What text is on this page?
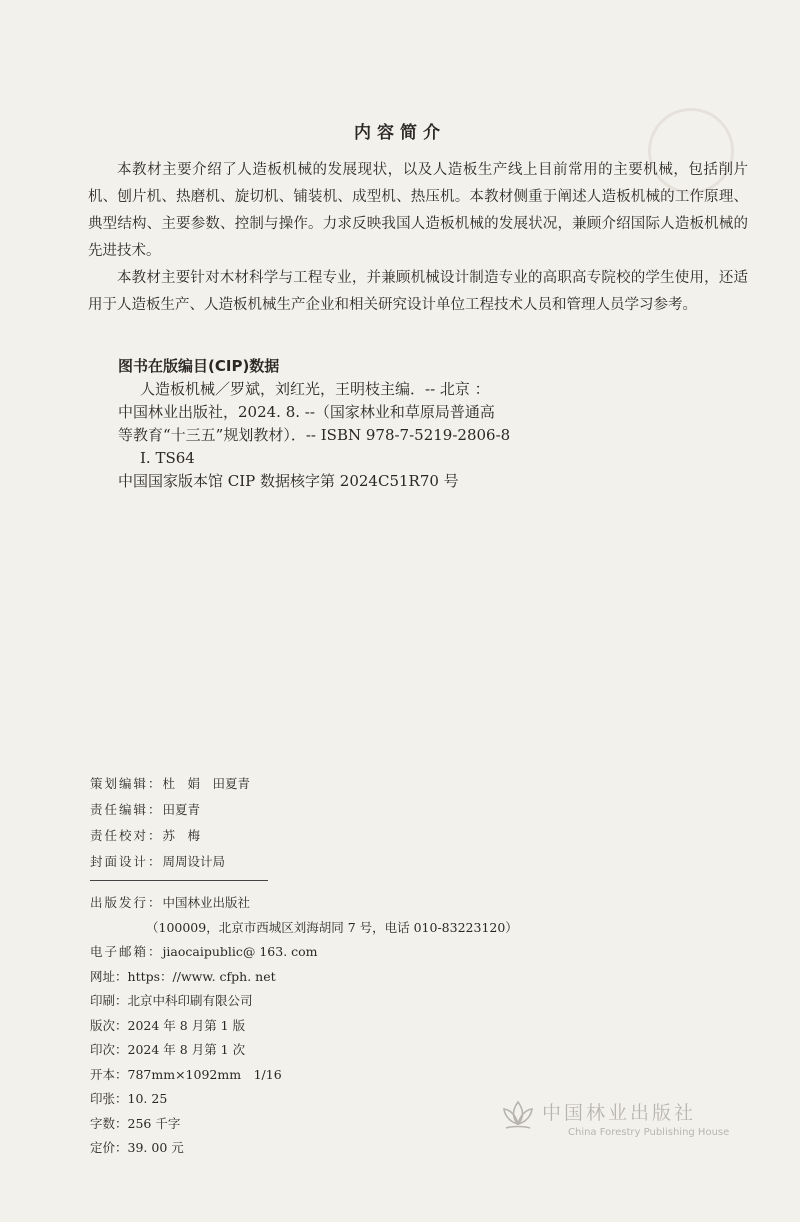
内容简介

本教材主要介绍了人造板机械的发展现状，以及人造板生产线上目前常用的主要机械，包括削片机、刨片机、热磨机、旋切机、铺装机、成型机、热压机。本教材侧重于阐述人造板机械的工作原理、典型结构、主要参数、控制与操作。力求反映我国人造板机械的发展状况，兼顾介绍国际人造板机械的先进技术。

本教材主要针对木材科学与工程专业，并兼顾机械设计制造专业的高职高专院校的学生使用，还适用于人造板生产、人造板机械生产企业和相关研究设计单位工程技术人员和管理人员学习参考。

图书在版编目(CIP)数据
人造板机械／罗斌，刘红光，王明枝主编．-- 北京 ：
中国林业出版社，2024. 8. --（国家林业和草原局普通高
等教育“十三五”规划教材）．-- ISBN 978-7-5219-2806-8
Ⅰ. TS64
中国国家版本馆 CIP 数据核字第 2024C51R70 号
策划编辑：杜　娟　田夏青
责任编辑：田夏青
责任校对：苏　梅
封面设计：周周设计局
出版发行：中国林业出版社
（100009，北京市西城区刘海胡同 7 号，电话 010-83223120）
电子邮箱：jiaocaipublic@ 163. com
网址：https：//www. cfph. net
印刷：北京中科印刷有限公司
版次：2024 年 8 月第 1 版
印次：2024 年 8 月第 1 次
开本：787mm×1092mm　1/16
印张：10. 25
字数：256 千字
定价：39. 00 元
中国林业出版社
China Forestry Publishing House
